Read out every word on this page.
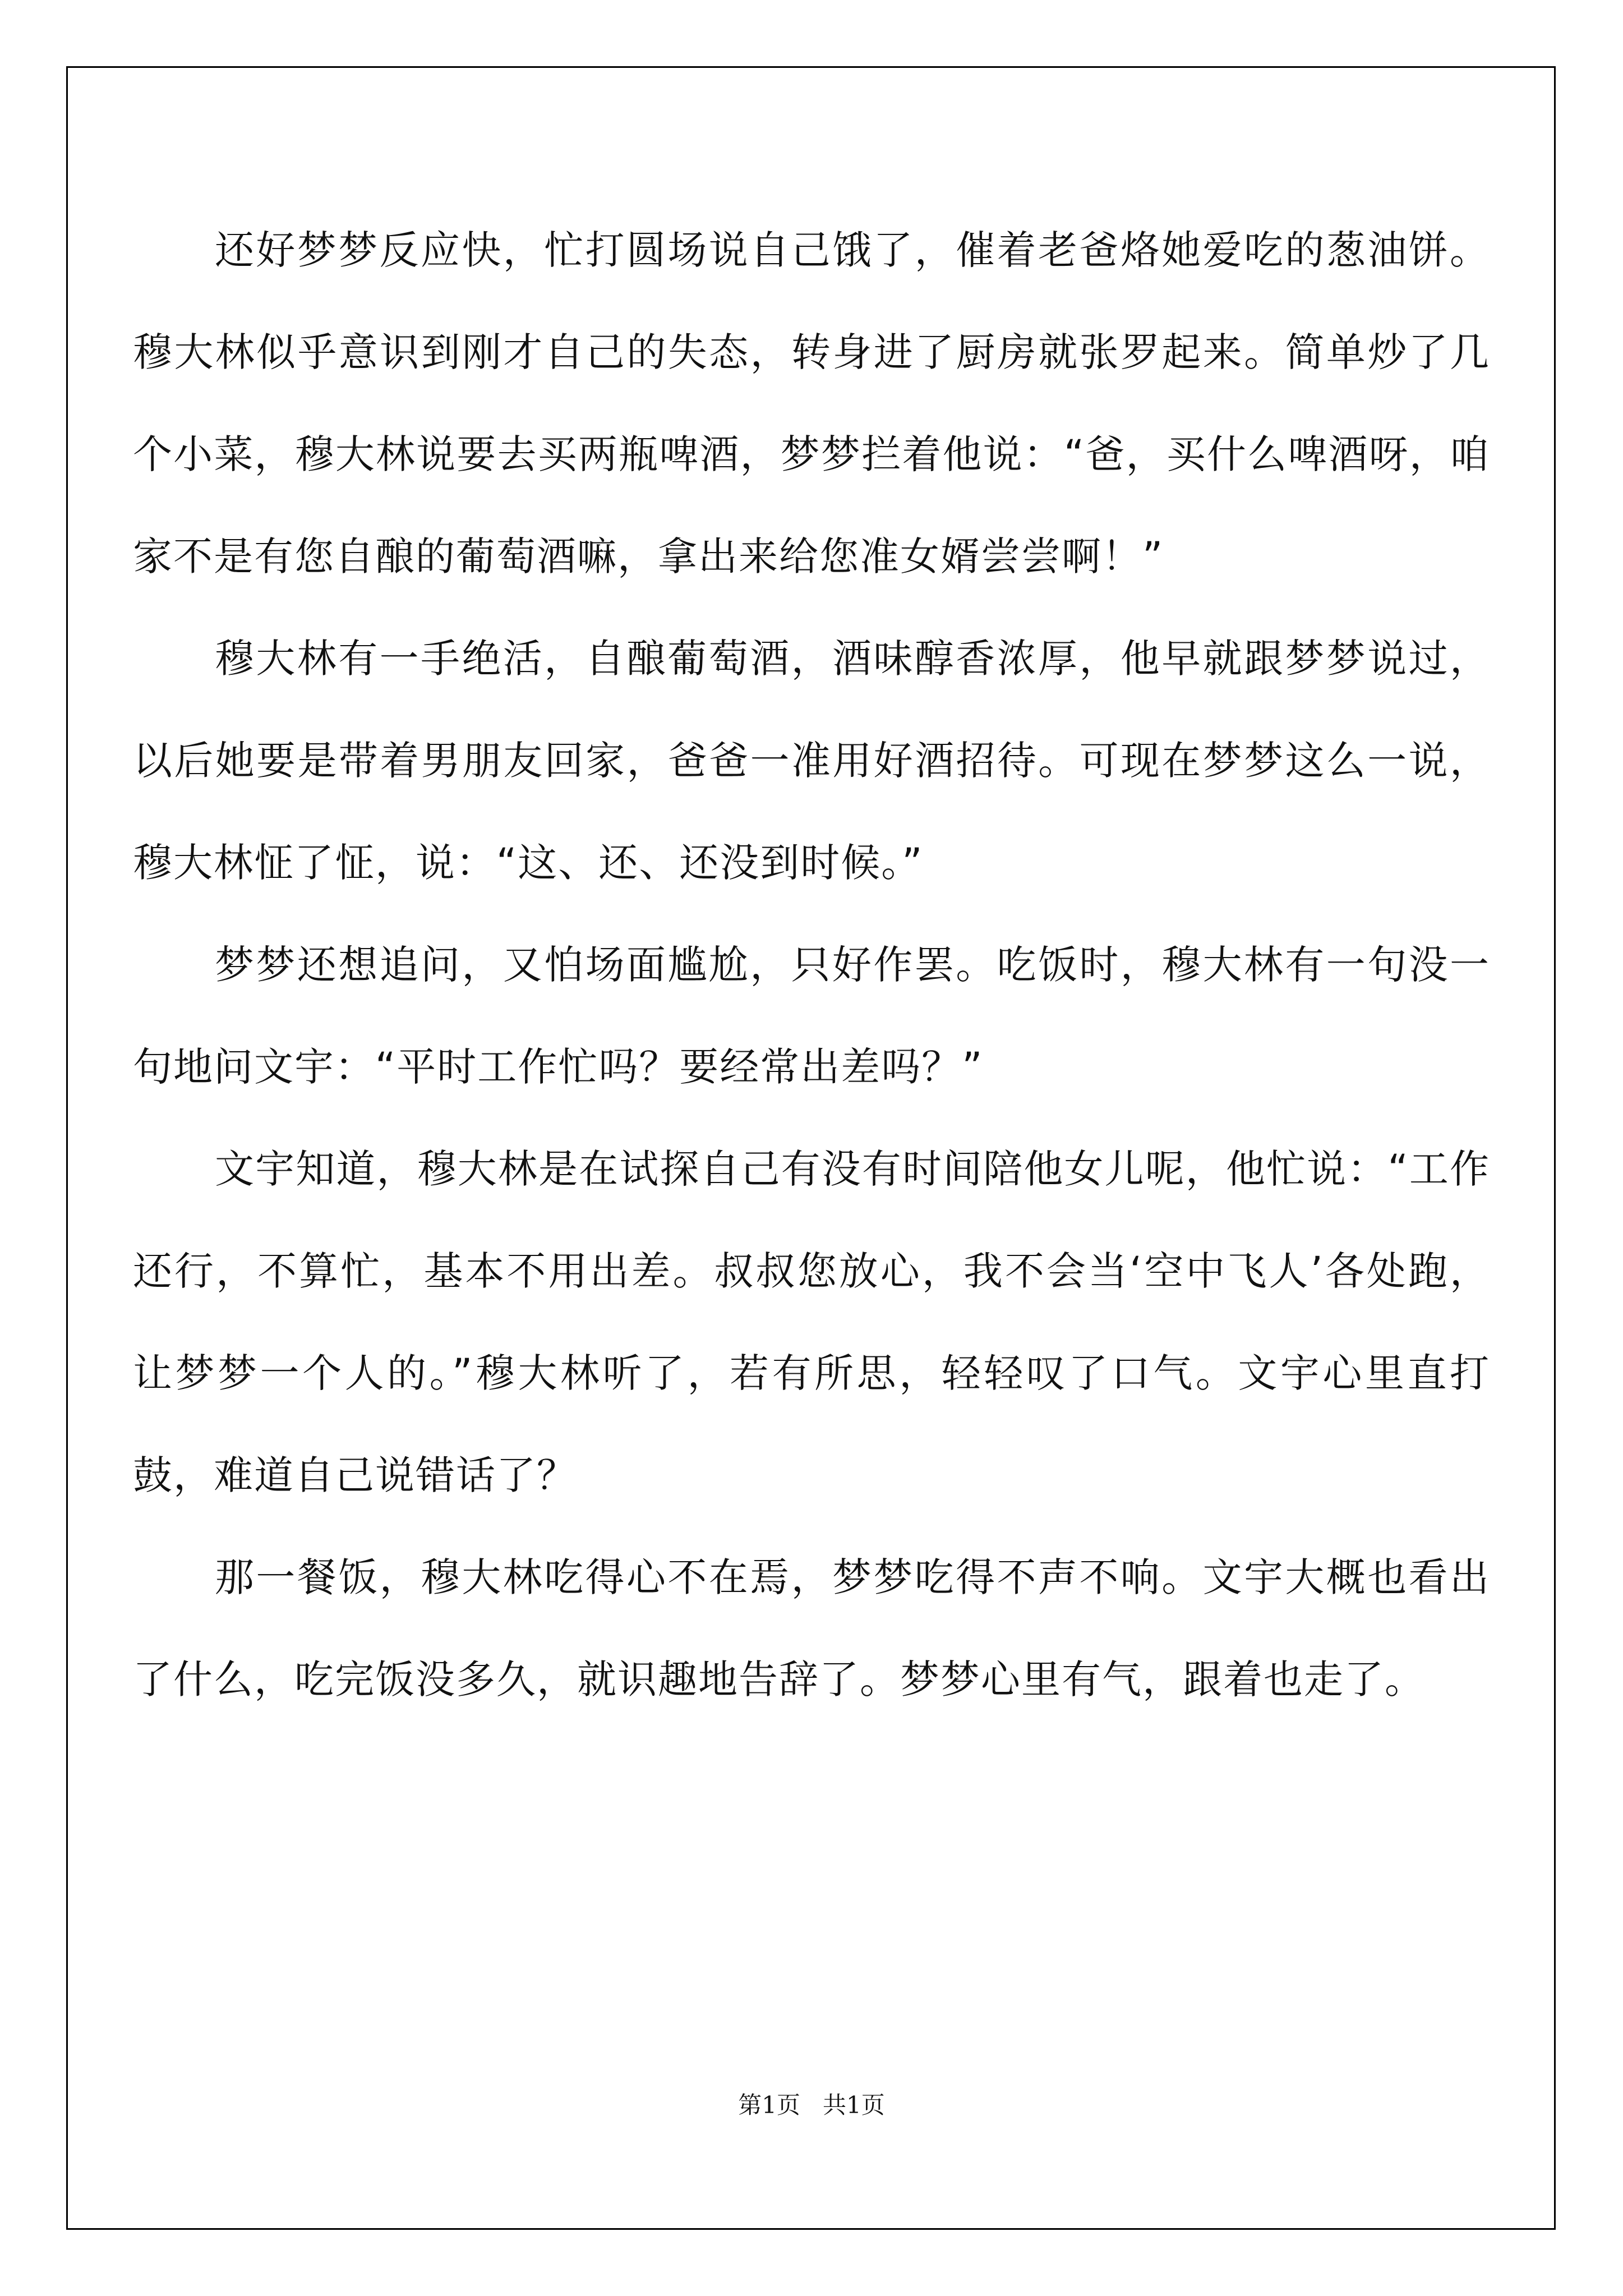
还好梦梦反应快，忙打圆场说自己饿了，催着老爸烙她爱吃的葱油饼。穆大林似乎意识到刚才自己的失态，转身进了厨房就张罗起来。简单炒了几个小菜，穆大林说要去买两瓶啤酒，梦梦拦着他说：“爸，买什么啤酒呀，咱家不是有您自酿的葡萄酒嘛，拿出来给您准女婿尝尝啊！”

穆大林有一手绝活，自酿葡萄酒，酒味醇香浓厚，他早就跟梦梦说过，以后她要是带着男朋友回家，爸爸一准用好酒招待。可现在梦梦这么一说，穆大林怔了怔，说：“这、还、还没到时候。”

梦梦还想追问，又怕场面尴尬，只好作罢。吃饭时，穆大林有一句没一句地问文宇：“平时工作忙吗？要经常出差吗？”

文宇知道，穆大林是在试探自己有没有时间陪他女儿呢，他忙说：“工作还行，不算忙，基本不用出差。叔叔您放心，我不会当‘空中飞人’各处跑，让梦梦一个人的。”穆大林听了，若有所思，轻轻叹了口气。文宇心里直打鼓，难道自己说错话了？

那一餐饭，穆大林吃得心不在焉，梦梦吃得不声不响。文宇大概也看出了什么，吃完饭没多久，就识趣地告辞了。梦梦心里有气，跟着也走了。

第1页   共1页
